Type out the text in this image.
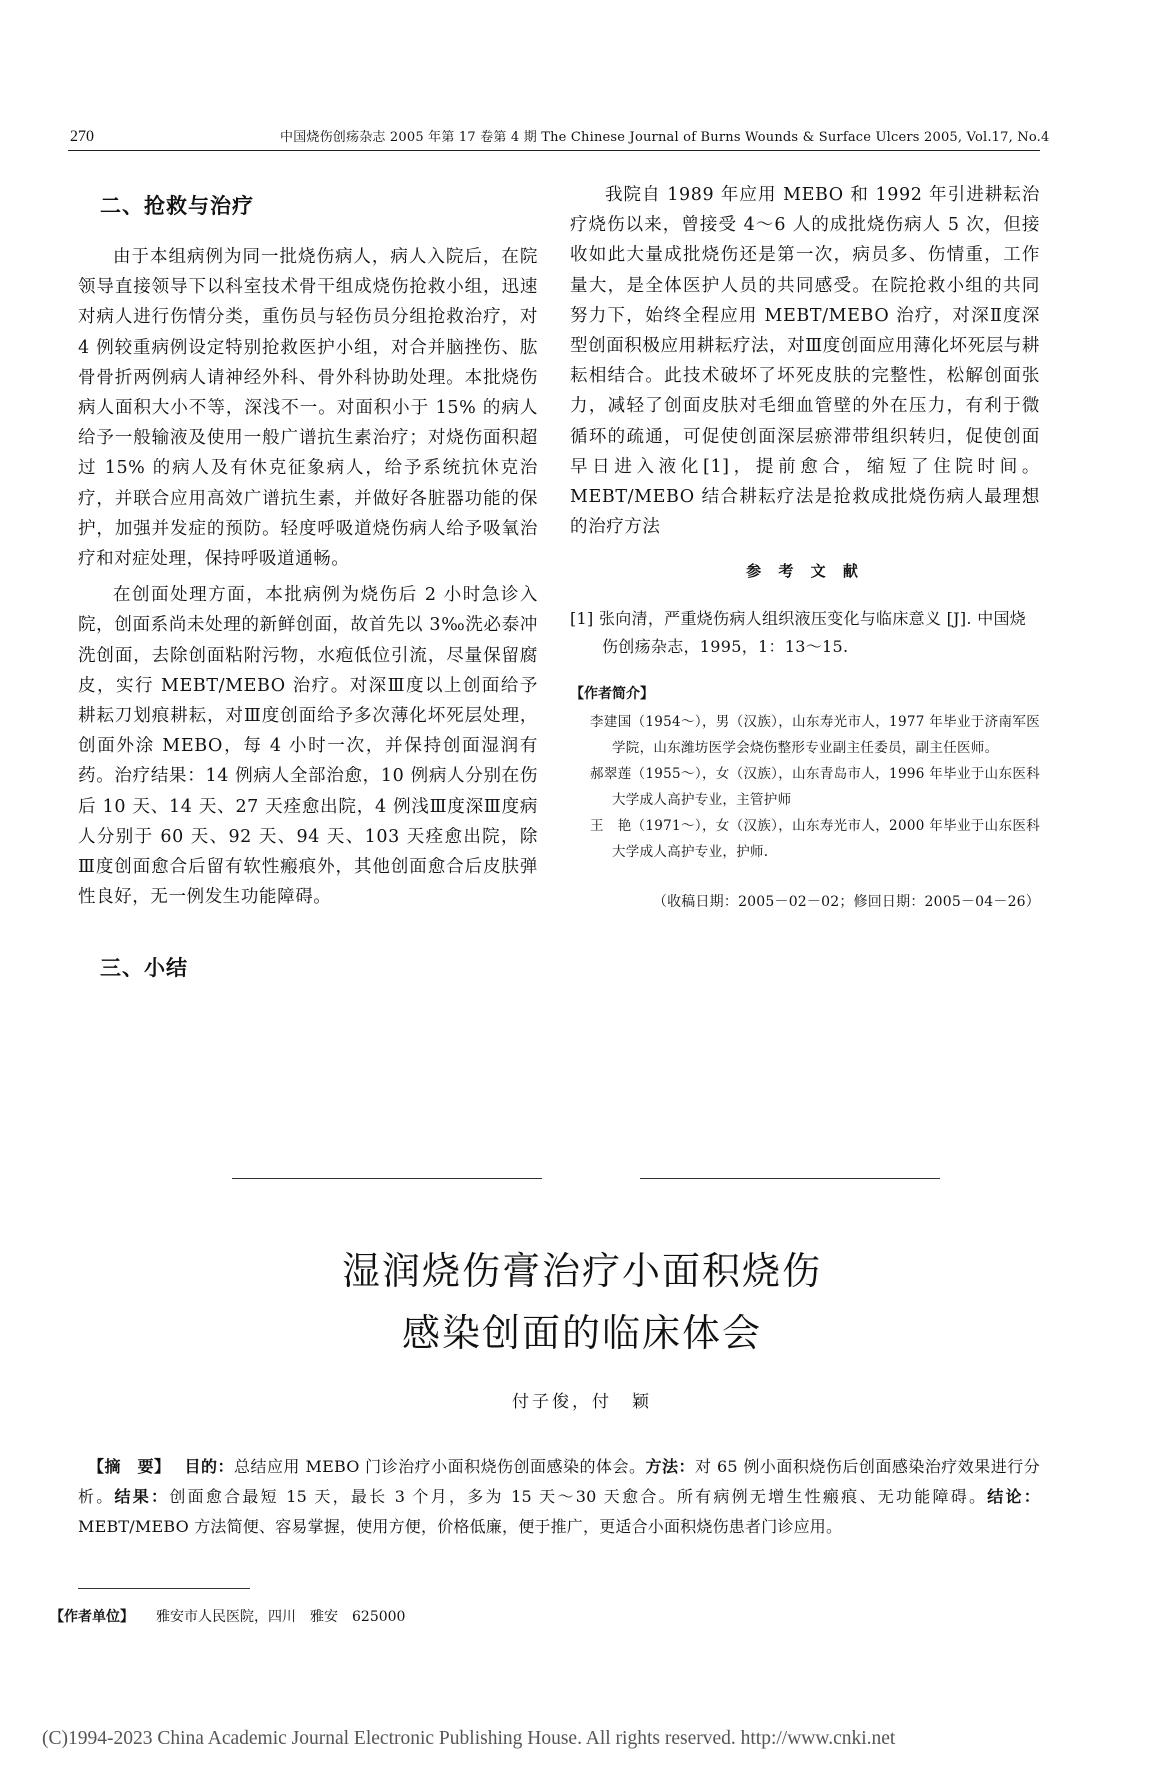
270	中国烧伤创疡杂志 2005 年第 17 卷第 4 期 The Chinese Journal of Burns Wounds & Surface Ulcers 2005, Vol.17, No.4
二、抢救与治疗

由于本组病例为同一批烧伤病人，病人入院后，在院领导直接领导下以科室技术骨干组成烧伤抢救小组，迅速对病人进行伤情分类，重伤员与轻伤员分组抢救治疗，对 4 例较重病例设定特别抢救医护小组，对合并脑挫伤、肱骨骨折两例病人请神经外科、骨外科协助处理。本批烧伤病人面积大小不等，深浅不一。对面积小于 15% 的病人给予一般输液及使用一般广谱抗生素治疗；对烧伤面积超过 15% 的病人及有休克征象病人，给予系统抗休克治疗，并联合应用高效广谱抗生素，并做好各脏器功能的保护，加强并发症的预防。轻度呼吸道烧伤病人给予吸氧治疗和对症处理，保持呼吸道通畅。

在创面处理方面，本批病例为烧伤后 2 小时急诊入院，创面系尚未处理的新鲜创面，故首先以 3‰洗必泰冲洗创面，去除创面粘附污物，水疱低位引流，尽量保留腐皮，实行 MEBT/MEBO 治疗。对深Ⅲ度以上创面给予耕耘刀划痕耕耘，对Ⅲ度创面给予多次薄化坏死层处理，创面外涂 MEBO，每 4 小时一次，并保持创面湿润有药。治疗结果：14 例病人全部治愈，10 例病人分别在伤后 10 天、14 天、27 天痊愈出院，4 例浅Ⅲ度深Ⅲ度病人分别于 60 天、92 天、94 天、103 天痊愈出院，除Ⅲ度创面愈合后留有软性瘢痕外，其他创面愈合后皮肤弹性良好，无一例发生功能障碍。

三、小结

我院自 1989 年应用 MEBO 和 1992 年引进耕耘治疗烧伤以来，曾接受 4～6 人的成批烧伤病人 5 次，但接收如此大量成批烧伤还是第一次，病员多、伤情重，工作量大，是全体医护人员的共同感受。在院抢救小组的共同努力下，始终全程应用 MEBT/MEBO 治疗，对深Ⅱ度深型创面积极应用耕耘疗法，对Ⅲ度创面应用薄化坏死层与耕耘相结合。此技术破坏了坏死皮肤的完整性，松解创面张力，减轻了创面皮肤对毛细血管壁的外在压力，有利于微循环的疏通，可促使创面深层瘀滞带组织转归，促使创面早日进入液化[1]，提前愈合，缩短了住院时间。MEBT/MEBO 结合耕耘疗法是抢救成批烧伤病人最理想的治疗方法

参 考 文 献
[1] 张向清，严重烧伤病人组织液压变化与临床意义 [J]. 中国烧伤创疡杂志，1995，1：13～15.
【作者简介】
李建国（1954～），男（汉族），山东寿光市人，1977 年毕业于济南军医学院，山东潍坊医学会烧伤整形专业副主任委员，副主任医师。
郝翠莲（1955～），女（汉族），山东青岛市人，1996 年毕业于山东医科大学成人高护专业，主管护师
王　艳（1971～），女（汉族），山东寿光市人，2000 年毕业于山东医科大学成人高护专业，护师.
（收稿日期：2005－02－02；修回日期：2005－04－26）
湿润烧伤膏治疗小面积烧伤
感染创面的临床体会
付子俊，付　颖
【摘　要】 目的：总结应用 MEBO 门诊治疗小面积烧伤创面感染的体会。方法：对 65 例小面积烧伤后创面感染治疗效果进行分析。结果：创面愈合最短 15 天，最长 3 个月，多为 15 天～30 天愈合。所有病例无增生性瘢痕、无功能障碍。结论：MEBT/MEBO 方法简便、容易掌握，使用方便，价格低廉，便于推广，更适合小面积烧伤患者门诊应用。
【作者单位】 雅安市人民医院，四川　雅安　625000
(C)1994-2023 China Academic Journal Electronic Publishing House. All rights reserved. http://www.cnki.net
